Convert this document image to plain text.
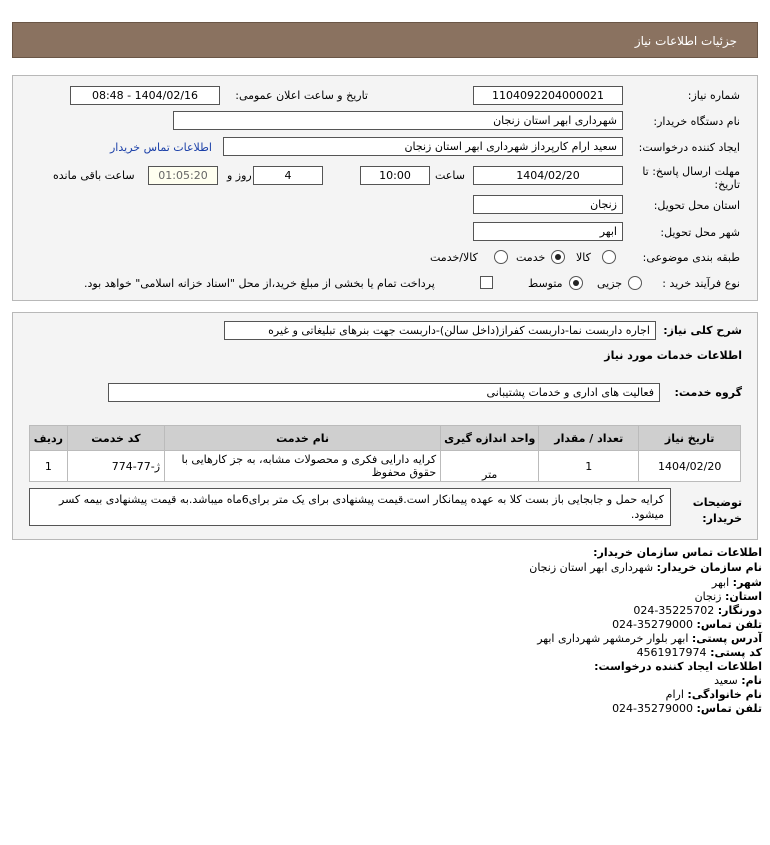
جزئیات اطلاعات نیاز
شماره نیاز:
1104092204000021
تاریخ و ساعت اعلان عمومی:
1404/02/16 - 08:48
نام دستگاه خریدار:
شهرداری ابهر استان زنجان
ایجاد کننده درخواست:
سعید ارام کارپرداز شهرداری ابهر استان زنجان
اطلاعات تماس خریدار
مهلت ارسال پاسخ: تا
تاریخ:
1404/02/20
ساعت
10:00
4
روز و
01:05:20
ساعت باقی مانده
استان محل تحویل:
زنجان
شهر محل تحویل:
ابهر
طبقه بندی موضوعی:
کالا
خدمت
کالا/خدمت
نوع فرآیند خرید :
جزیی
متوسط
پرداخت تمام یا بخشی از مبلغ خرید،از محل "اسناد خزانه اسلامی" خواهد بود.
شرح کلی نیاز:
اجاره داربست نما-داربست کفراز(داخل سالن)-داربست جهت بنرهای تبلیغاتی و غیره
اطلاعات خدمات مورد نیاز
گروه خدمت:
فعالیت های اداری و خدمات پشتیبانی
تاریخ نیاز	تعداد / مقدار	واحد اندازه گیری	نام خدمت	کد خدمت	ردیف
1404/02/20	1	متر	کرایه دارایی فکری و محصولات مشابه، به جز کارهایی با حقوق محفوظ	ژ-77-774	1
توضیحات
خریدار:
کرایه حمل و جابجایی باز بست کلا به عهده پیمانکار است.قیمت پیشنهادی برای یک متر برای6ماه میباشد.به قیمت پیشنهادی بیمه کسر میشود.
اطلاعات تماس سازمان خریدار:
نام سازمان خریدار: شهرداری ابهر استان زنجان
شهر: ابهر
استان: زنجان
دورنگار: 024-35225702
تلفن تماس: 024-35279000
آدرس پستی: ابهر بلوار خرمشهر شهرداری ابهر
کد پستی: 4561917974
اطلاعات ایجاد کننده درخواست:
نام: سعید
نام خانوادگی: ارام
تلفن تماس: 024-35279000
